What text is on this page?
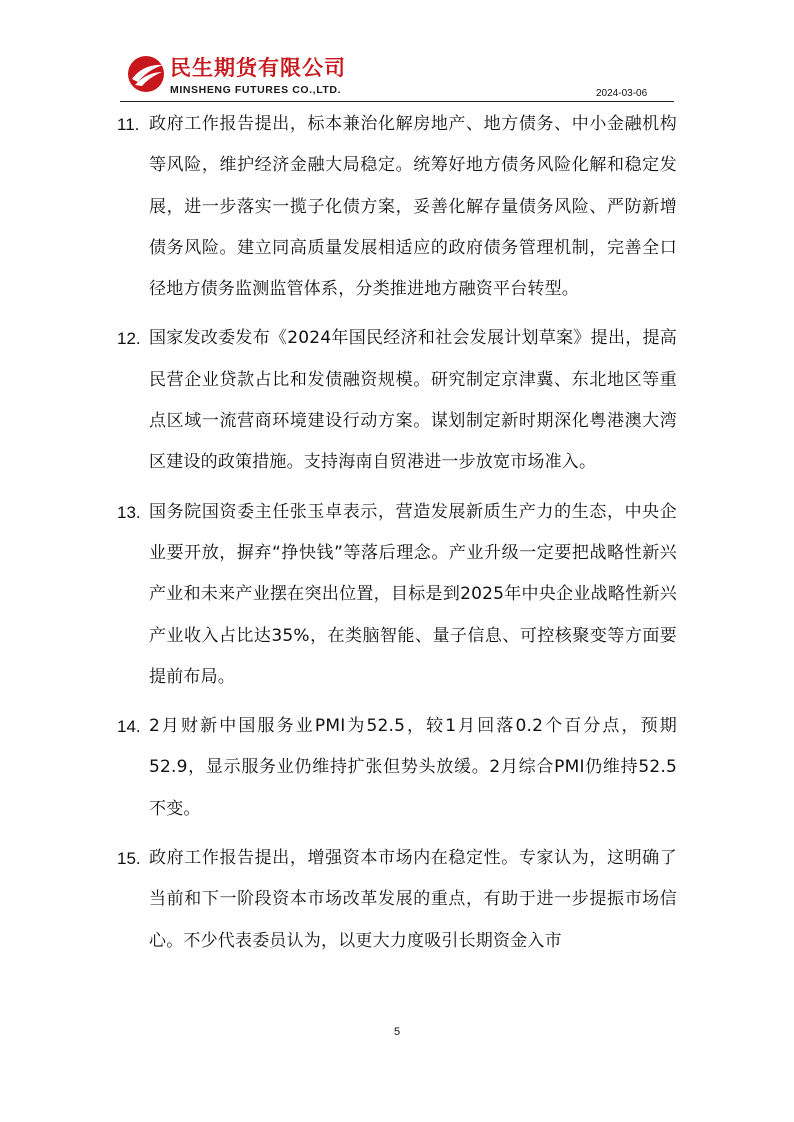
民生期货有限公司
MINSHENG FUTURES CO.,LTD.	2024-03-06
11. 政府工作报告提出，标本兼治化解房地产、地方债务、中小金融机构等风险，维护经济金融大局稳定。统筹好地方债务风险化解和稳定发展，进一步落实一揽子化债方案，妥善化解存量债务风险、严防新增债务风险。建立同高质量发展相适应的政府债务管理机制，完善全口径地方债务监测监管体系，分类推进地方融资平台转型。
12. 国家发改委发布《2024年国民经济和社会发展计划草案》提出，提高民营企业贷款占比和发债融资规模。研究制定京津冀、东北地区等重点区域一流营商环境建设行动方案。谋划制定新时期深化粤港澳大湾区建设的政策措施。支持海南自贸港进一步放宽市场准入。
13. 国务院国资委主任张玉卓表示，营造发展新质生产力的生态，中央企业要开放，摒弃“挣快钱”等落后理念。产业升级一定要把战略性新兴产业和未来产业摆在突出位置，目标是到2025年中央企业战略性新兴产业收入占比达35%，在类脑智能、量子信息、可控核聚变等方面要提前布局。
14. 2月财新中国服务业PMI为52.5，较1月回落0.2个百分点，预期52.9，显示服务业仍维持扩张但势头放缓。2月综合PMI仍维持52.5不变。
15. 政府工作报告提出，增强资本市场内在稳定性。专家认为，这明确了当前和下一阶段资本市场改革发展的重点，有助于进一步提振市场信心。不少代表委员认为，以更大力度吸引长期资金入市
5
